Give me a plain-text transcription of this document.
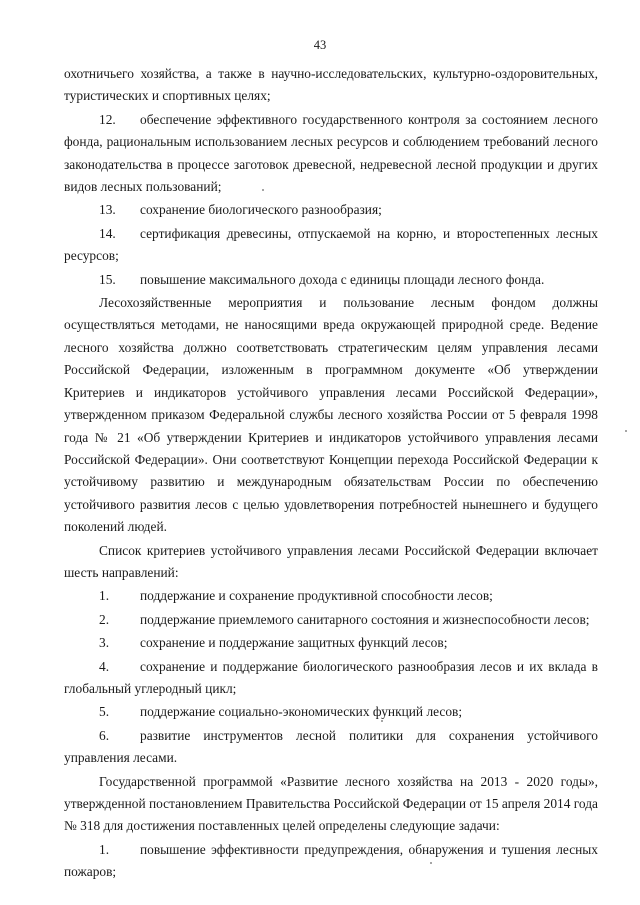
43

охотничьего хозяйства, а также в научно-исследовательских, культурно-оздоровительных, туристических и спортивных целях;

12. обеспечение эффективного государственного контроля за состоянием лесного фонда, рациональным использованием лесных ресурсов и соблюдением требований лесного законодательства в процессе заготовок древесной, недревесной лесной продукции и других видов лесных пользований;

13. сохранение биологического разнообразия;

14. сертификация древесины, отпускаемой на корню, и второстепенных лесных ресурсов;

15. повышение максимального дохода с единицы площади лесного фонда.

Лесохозяйственные мероприятия и пользование лесным фондом должны осуществляться методами, не наносящими вреда окружающей природной среде. Ведение лесного хозяйства должно соответствовать стратегическим целям управления лесами Российской Федерации, изложенным в программном документе «Об утверждении Критериев и индикаторов устойчивого управления лесами Российской Федерации», утвержденном приказом Федеральной службы лесного хозяйства России от 5 февраля 1998 года № 21 «Об утверждении Критериев и индикаторов устойчивого управления лесами Российской Федерации». Они соответствуют Концепции перехода Российской Федерации к устойчивому развитию и международным обязательствам России по обеспечению устойчивого развития лесов с целью удовлетворения потребностей нынешнего и будущего поколений людей.

Список критериев устойчивого управления лесами Российской Федерации включает шесть направлений:

1. поддержание и сохранение продуктивной способности лесов;

2. поддержание приемлемого санитарного состояния и жизнеспособности лесов;

3. сохранение и поддержание защитных функций лесов;

4. сохранение и поддержание биологического разнообразия лесов и их вклада в глобальный углеродный цикл;

5. поддержание социально-экономических функций лесов;

6. развитие инструментов лесной политики для сохранения устойчивого управления лесами.

Государственной программой «Развитие лесного хозяйства на 2013 - 2020 годы», утвержденной постановлением Правительства Российской Федерации от 15 апреля 2014 года № 318 для достижения поставленных целей определены следующие задачи:

1. повышение эффективности предупреждения, обнаружения и тушения лесных пожаров;
